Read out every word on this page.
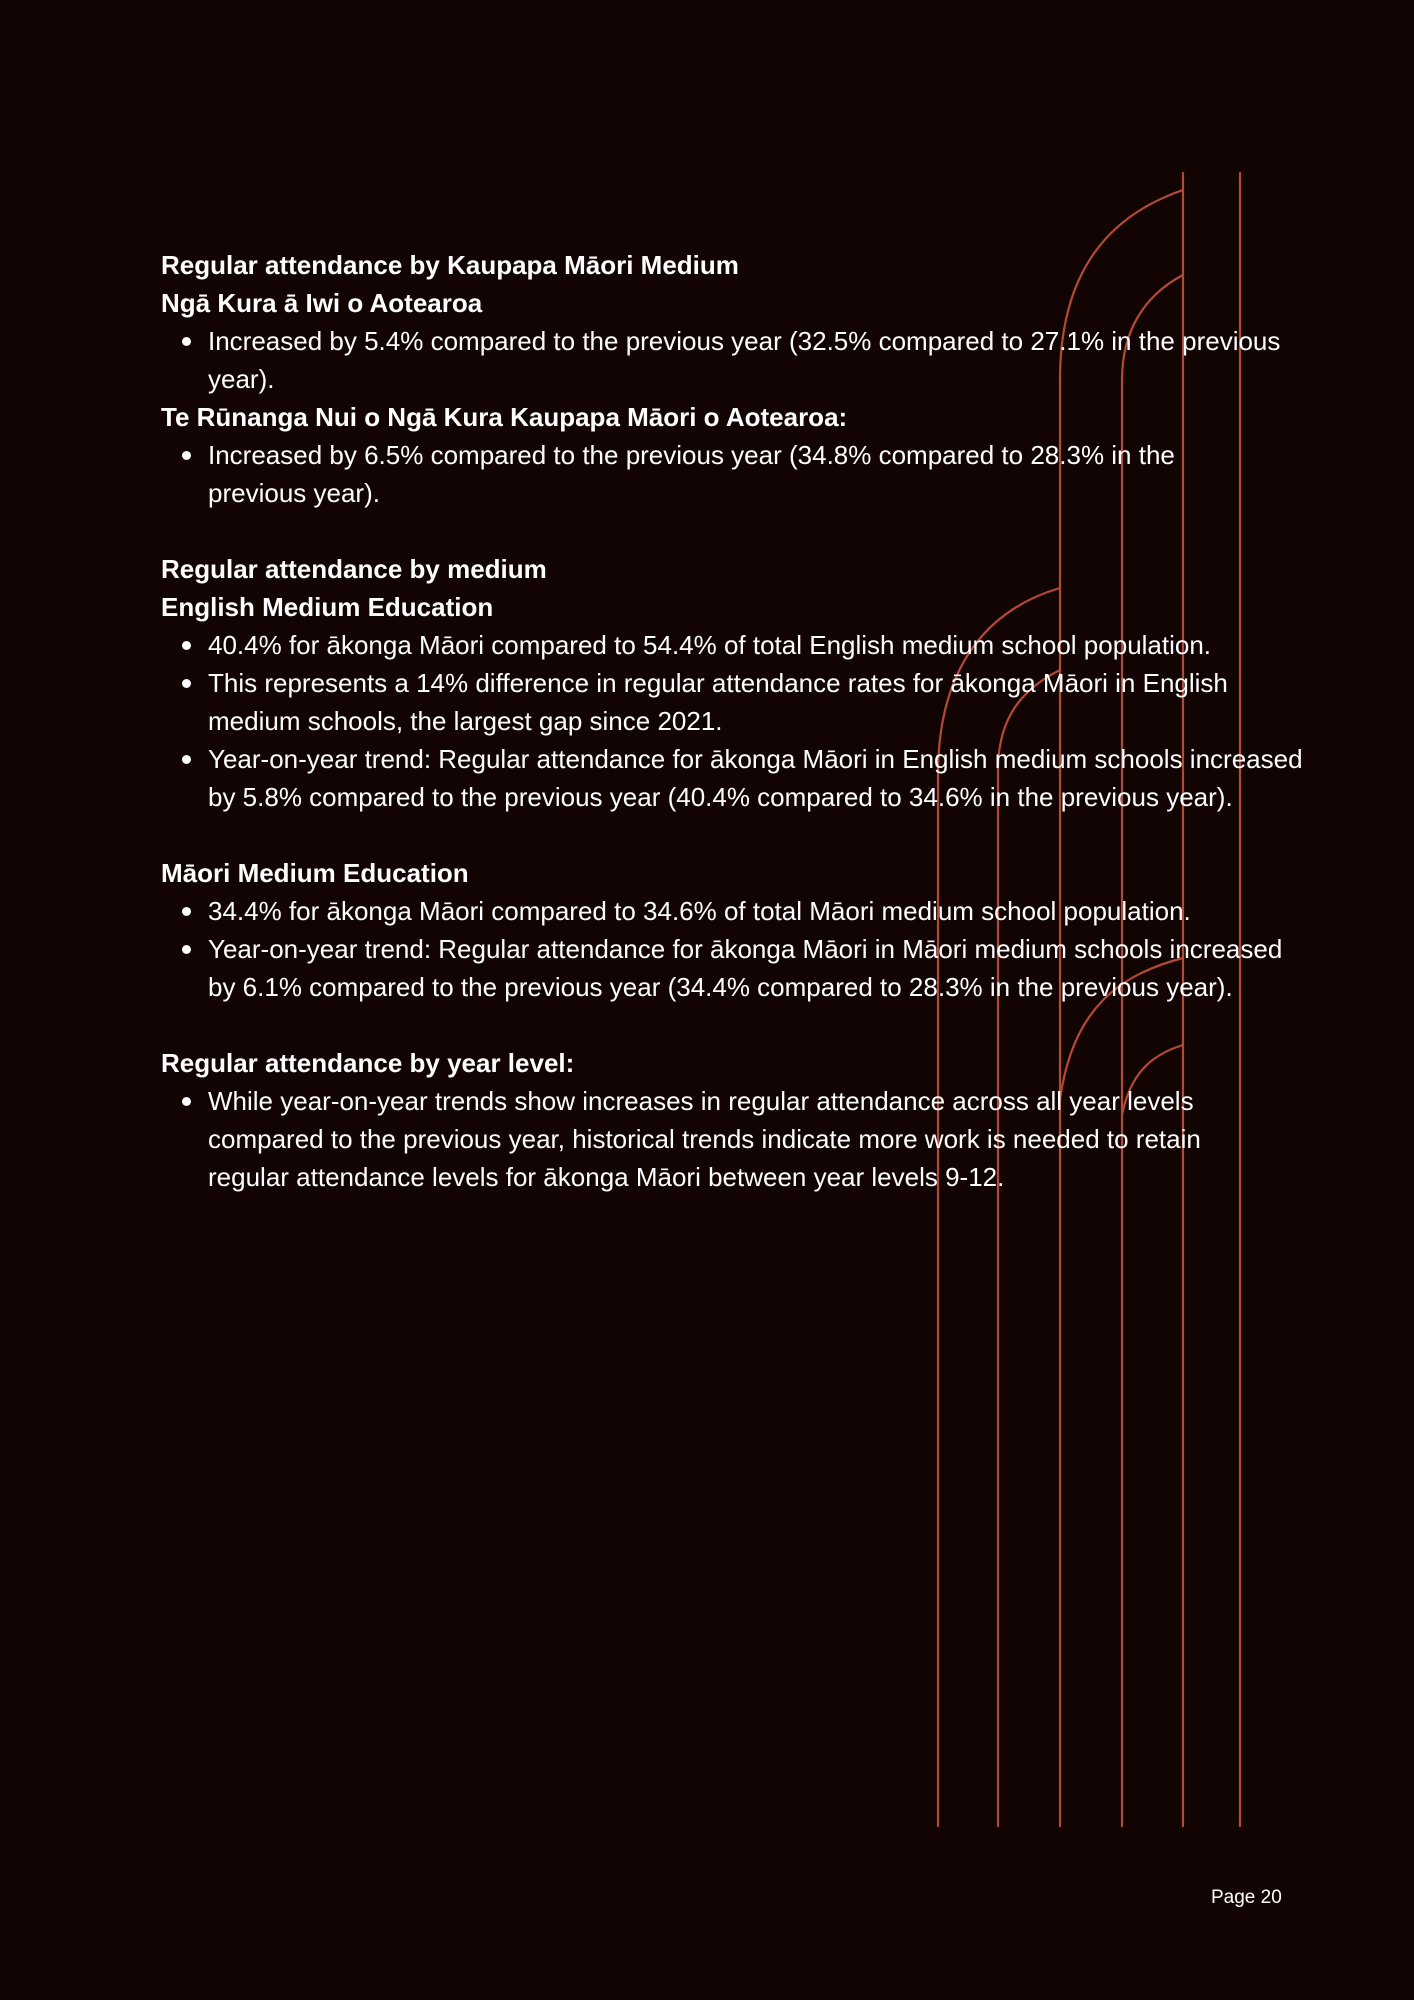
Regular attendance by Kaupapa Māori Medium

Ngā Kura ā Iwi o Aotearoa

Increased by 5.4% compared to the previous year (32.5% compared to 27.1% in the previous year).

Te Rūnanga Nui o Ngā Kura Kaupapa Māori o Aotearoa:

Increased by 6.5% compared to the previous year (34.8% compared to 28.3% in the previous year).

Regular attendance by medium

English Medium Education

40.4% for ākonga Māori compared to 54.4% of total English medium school population.
This represents a 14% difference in regular attendance rates for ākonga Māori in English medium schools, the largest gap since 2021.
Year-on-year trend: Regular attendance for ākonga Māori in English medium schools increased by 5.8% compared to the previous year (40.4% compared to 34.6% in the previous year).

Māori Medium Education

34.4% for ākonga Māori compared to 34.6% of total Māori medium school population.
Year-on-year trend: Regular attendance for ākonga Māori in Māori medium schools increased by 6.1% compared to the previous year (34.4% compared to 28.3% in the previous year).

Regular attendance by year level:

While year-on-year trends show increases in regular attendance across all year levels compared to the previous year, historical trends indicate more work is needed to retain regular attendance levels for ākonga Māori between year levels 9-12.
Page 20
